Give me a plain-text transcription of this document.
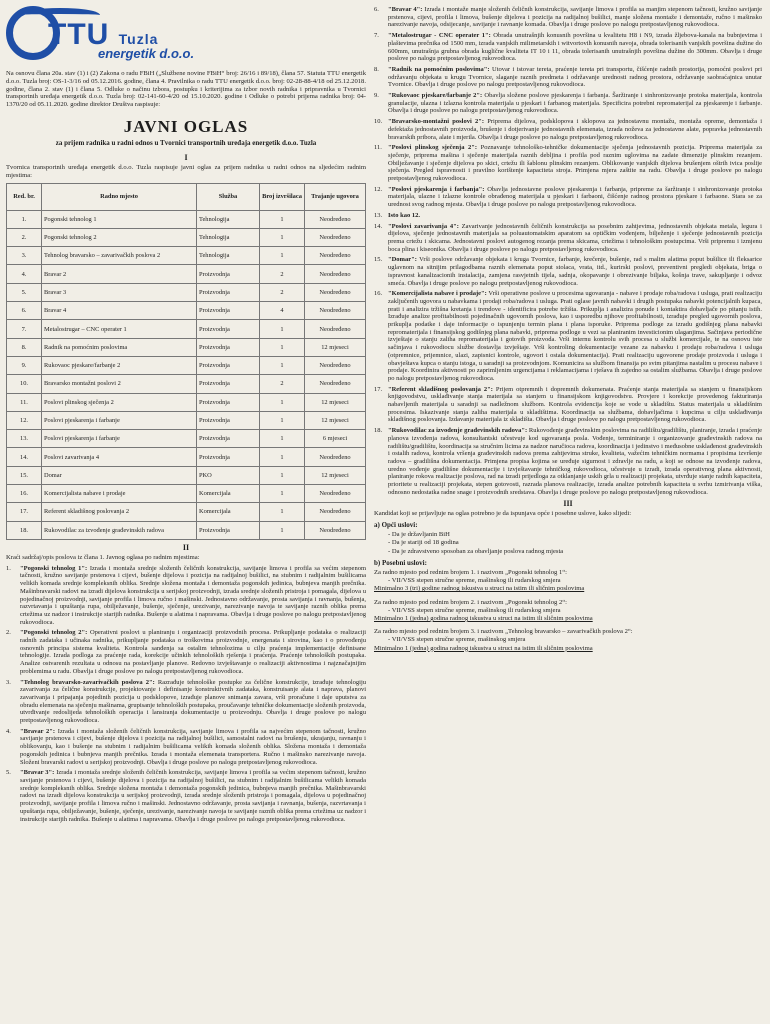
TTU Tuzla
energetik d.o.o.

Na osnovu člana 20a. stav (1) i (2) Zakona o radu FBiH („Službene novine FBiH“ broj: 26/16 i 89/18), člana 57. Statuta TTU energetik d.o.o. Tuzla broj: OS-1-3/16 od 05.12.2016. godine, člana 4. Pravilnika o radu TTU energetik d.o.o. broj: 02-28-88-4/18 od 25.12.2018. godine, člana 2. stav (1) i člana 5. Odluke o načinu izbora, postupku i kriterijima za izbor novih radnika i pripravnika u Tvornici transportnih uređaja energetik d.o.o. Tuzla broj: 02-141-60-4/20 od 15.10.2020. godine i Odluke o potrebi prijema radnika broj: 04-1370/20 od 05.11.2020. godine direktor Društva raspisuje:

JAVNI OGLAS
za prijem radnika u radni odnos u Tvornici transportnih uređaja energetik d.o.o. Tuzla
I

Tvornica transportnih uređaja energetik d.o.o. Tuzla raspisuje javni oglas za prijem radnika u radni odnos na sljedećim radnim mjestima:

Red. br.	Radno mjesto	Služba	Broj izvršilaca	Trajanje ugovora
1.	Pogonski tehnolog 1	Tehnologija	1	Neodređeno
2.	Pogonski tehnolog 2	Tehnologija	1	Neodređeno
3.	Tehnolog bravarsko – zavarivačkih poslova 2	Tehnologija	1	Neodređeno
4.	Bravar 2	Proizvodnja	2	Neodređeno
5.	Bravar 3	Proizvodnja	2	Neodređeno
6.	Bravar 4	Proizvodnja	4	Neodređeno
7.	Metalostrugar – CNC operater 1	Proizvodnja	1	Neodređeno
8.	Radnik na pomoćnim poslovima	Proizvodnja	1	12 mjeseci
9.	Rukovaoc pjeskare/farbanje 2	Proizvodnja	1	Neodređeno
10.	Bravarsko montažni poslovi 2	Proizvodnja	2	Neodređeno
11.	Poslovi plinskog sječenja 2	Proizvodnja	1	12 mjeseci
12.	Poslovi pjeskarenja i farbanje	Proizvodnja	1	12 mjeseci
13.	Poslovi pjeskarenja i farbanje	Proizvodnja	1	6 mjeseci
14.	Poslovi zavarivanja 4	Proizvodnja	1	Neodređeno
15.	Domar	PKO	1	12 mjeseci
16.	Komercijalista nabave i prodaje	Komercijala	1	Neodređeno
17.	Referent skladišnog poslovanja 2	Komercijala	1	Neodređeno
18.	Rukovodilac za izvođenje građevinskih radova	Proizvodnja	1	Neodređeno
II

Kraći sadržaj/opis poslova iz člana 1. Javnog oglasa po radnim mjestima:

1.	"Pogonski tehnolog 1": Izrada i montaža srednje složenih čeličnih konstrukcija, savijanje limova i profila sa većim stepenom tačnosti, kružno savijanje prstenova i cijevi, bušenje dijelova i pozicija na radijalnoj bušilici, na stubnim i radijalnim bušilicama velikih komada srednje kompleksnih oblika. Srednje složena montaža i demontaža pogonskih jedinica, bubnjeva manjih prečnika. Mašinbravarski radovi na izradi dijelova konstrukcija u serijskoj proizvodnji, izrada srednje složenih pristroja i pomagala, dijelova u pojedinačnoj proizvodnji, savijanje profila i limova ručno i mašinski. Jednostavno održavanje, prosta savijanja i ravnanja, bušenja, razvrtavanja i upuštanja rupa, obilježavanje, bušenje, sječenje, urezivanje, narezivanje navoja te savijanje raznih oblika prema crtežima uz nadzor i instrukcije starijih radnika. Bušenje u alatima i napravama. Obavlja i druge poslove po nalogu pretpostavljenog rukovodioca.
2.	"Pogonski tehnolog 2": Operativni poslovi u planiranju i organizaciji proizvodnih procesa. Prikupljanje podataka o realizaciji radnih zadataka i učinaka radnika, prikupljanje podataka o troškovima proizvodnje, energenata i sirovina, kao i o provođenju osnovnih principa sistema kvaliteta. Kontrola sanđenja sa ostalim tehnolozima u cilju praćenja implementacije definisane tehnologije. Izrada podloga za praćenje rada, korekcije učinkih tehnoloških rješenja i praćenja. Praćenje tehnoloških postupaka. Analize ostvarenih rezultata u odnosu na postavljanje planove. Redovno izvještavanje o realizaciji aktivnostima i najznačajnijim problemima u radu. Obavlja i druge poslove po nalogu pretpostavljenog rukovodioca.
3.	"Tehnolog bravarsko-zavarivačkih poslova 2": Razrađuje tehnološke postupke za čelične konstrukcije, izrađuje tehnologiju zavarivanja za čelične konstrukcije, projektovanje i definisanje konstruktivnih zadataka, konstruisanje alata i naprava, planovi zavarivanja i pripajanja pojedinih pozicija u podsklopove, izrađuje planove snimanja zavara, vrši proračune i daje uputstva za obradu elemenata na sječenju mašinama, grupisanje tehnoloških postupaka, proučavanje tehničke dokumentacije složenih proizvoda, utvrđivanje redoslijeda tehnoloških operacija i lansiranja dokumentacije u proizvodnju. Obavlja i druge poslove po nalogu pretpostavljenog rukovodioca.
4.	"Bravar 2": Izrada i montaža složenih čeličnih konstrukcija, savijanje limova i profila sa najvećim stepenom tačnosti, kružno savijanje prstenova i cijevi, bušenje dijelova i pozicija na radijalnoj bušilici, samostalni radovi na brušenju, ukrajanju, ravnanju i oblikovanju, kao i bušenje na stubnim i radijalnim bušilicama velikih komada složenih oblika. Složena montaža i demontaža pogonskih jedinica i bubnjeva manjih prečnika. Izrada i montaža elemenata transportera. Ručno i mašinsko narezivanje navoja. Složeni bravarski radovi u serijskoj proizvodnji. Obavlja i druge poslove po nalogu pretpostavljenog rukovodioca.
5.	"Bravar 3": Izrada i montaža srednje složenih čeličnih konstrukcija, savijanje limova i profila sa većim stepenom tačnosti, kružno savijanje prstenova i cijevi, bušenje dijelova i pozicija na radijalnoj bušilici, na stubnim i radijalnim bušilicama velikih komada srednje kompleksnih oblika. Srednje složena montaža i demontaža pogonskih jedinica, bubnjeva manjih prečnika. Mašinbravarski radovi na izradi dijelova konstrukcija u serijskoj proizvodnji, izrada srednje složenih pristroja i pomagala, dijelova u pojedinačnoj proizvodnji, savijanje profila i limova ručno i mašinski. Jednostavno održavanje, prosta savijanja i ravnanja, bušenja, razvrtavanja i upuštanja rupa, obilježavanje, bušenje, sječenje, urezivanje, narezivanje navoja te savijanje raznih oblika prema crtežima uz nadzor i instrukcije starijih radnika. Bušenje u alatima i napravama. Obavlja i druge poslove po nalogu pretpostavljenog rukovodioca.
6.	"Bravar 4": Izrada i montaže manje složenih čeličnih konstrukcija, savijanje limova i profila sa manjim stepenom tačnosti, kružno savijanje prstenova, cijevi, profila i limova, bušenje dijelova i pozicija na radijalnoj bušilici, manje složena montaže i demontaže, ručno i mašinsko narezivanje navoja, odsijecanje, savijanje i ravnanje komada. Obavlja i druge poslove po nalogu pretpostavljenog rukovodioca.
7.	"Metalostrugar - CNC operater 1": Obrada unutrašnjih konusnih površina u kvalitetu H8 i N9, izrada žljebova-kanala na bubnjevima i plaštevima prečnika od 1500 mm, izrada vanjskih milimetarskih i witvortovih konusnih navoja, obrada tolerisanih vanjskih površina dužine do 600mm, unutrašnja grubna obrada kuglične kvaliteta IT 10 i 11, obrada tolerisanih unutrašnjih površina dužine do 300mm. Obavlja i druge poslove po nalogu pretpostavljenog rukovodioca.
8.	"Radnik na pomoćnim poslovima": Utovar i istovar tereta, praćenje tereta pri transportu, čišćenje radnih prostorija, pomoćni poslovi pri održavanju objekata u krugu Tvornice, slaganje raznih predmeta i održavanje urednosti radnog prostora, održavanje saobraćajnica unutar Tvornice. Obavlja i druge poslove po nalogu pretpostavljenog rukovodioca.
9.	"Rukovaoc pjeskare/farbanje 2": Obavlja složene poslove pjeskarenja i farbanja. Šaržiranje i sinhronizovanje protoka materijala, kontrola granulacije, ulazna i izlazna kontrola materijala u pjeskari i farbanog materijala. Specificira potrebni repromaterijal za pjeskarenje i farbanje. Obavlja i druge poslove po nalogu pretpostavljenog rukovodioca.
10. "Bravarsko-montažni poslovi 2": Pripremа dijelova, podsklopova i sklopova za jednostavnu montažu, montaža opreme, demontaža i defektaža jednostavnih proizvoda, brušenje i dotjerivanje jednostavnih elemenata, izrada noževa za jednostavne alate, popravka jednostavnih bravarskih pribora, alate i mjerila. Obavlja i druge poslove po nalogu pretpostavljenog rukovodioca.
11. "Poslovi plinskog sječenja 2": Poznavanje tehnološko-tehničke dokumentacije sječenja jednostavnih pozicija. Pripremа materijala za sječenje, priprema mašina i sječenje materijala raznih debljina i profila pod raznim uglovima na zadate dimenzije plinskim rezanjem. Obilježavanje i sječenje dijelova po skici, crtežu ili šablonu plinskim rezanjem. Oblikovanje vanjskih dijelova brušenjem oštrih ivica poslije sječenja. Pregled ispravnosti i pravilno korištenje kapaciteta stroja. Primjena mjera zaštite na radu. Obavlja i druge poslove po nalogu pretpostavljenog rukovodioca.
12. "Poslovi pjeskarenja i farbanja": Obavlja jednostavne poslove pjeskarenja i farbanja, pripreme za šaržiranje i sinhronizovanje protoka materijala, ulazne i izlazne kontrole obrađenog materijala u pjeskari i farbaoni, čišćenje radnog prostora pjeskare i farbaone. Stara se za urednost svog radnog mjesta. Obavlja i druge poslove po nalogu pretpostavljenog rukovodioca.
13. Isto kao 12.
14. "Poslovi zavarivanja 4": Zavarivanje jednostavnih čeličnih konstrukcija sa posebnim zahtjevima, jednostavnih objekata metala, legura i dijelova, sječenje jednostavnih materijala sa poluautomatskim aparatom sa optičkim vođenjem, bilježenje i sječenje jednostavnih pozicija prema crtežu i skicama. Jednostavni poslovi autogenog rezanja prema skicama, crtežima i tehnološkim postupcima. Vrši pripremu i izmjenu boca plina i kiseonika. Obavlja i druge poslove po nalogu pretpostavljenog rukovodioca.
15. "Domar": Vrši poslove održavanje objekata i kruga Tvornice, farbanje, krečenje, bušenje, rad s malim alatima poput bušilice ili fleksarice uglavnom na sitnijim prilagodbama raznih elemenata poput stolaca, vrata, itd., kurirski poslovi, preventivni pregledi objekata, briga o ispravnost kanalizacionih instalacija, zamjena rasvjetnih tijela, sadnja, okopavanje i obrezivanje biljaka, košnja trave, sakupljanje i odvoz smeća. Obavlja i druge poslove po nalogu pretpostavljenog rukovodioca.
16. "Komercijalista nabave i prodaje": Vrši operativne poslove u procesima ugovaranja - nabave i prodaje roba/radova i usluga, prati realizaciju zaključenih ugovora u nabavkama i prodaji roba/radova i usluga. Prati oglase javnih nabavki i drugih postupaka nabavki potencijalnih kupaca, prati i analizira tržišna kretanja i trendove - identificira potrebe tržišta. Prikuplja i analizira ponude i kontaktira dobavljače po pitanju istih. Izrađuje analize profitabilnosti pojedinačnih ugovornih poslova, kao i usporedbu njihove profitabilnosti, izrađuje pregled ugovornih poslova, prikuplja podatke i daje informacije o ispunjenju termin plana i plana isporuke. Priprema podloge za izradu godišnjeg plana nabavki repromaterijala i finansijskog godišnjeg plana nabavki, priprema podloge u vezi sa planiranim investicionim ulaganjima. Sačinjava periodične izvještaje o stanju zaliha repromaterijala i gotovih proizvoda. Vrši internu kontrolu svih procesa u službi komercijale, te na osnovu iste sačinjava i rukovodiocu službe dostavlja izvještaje. Vrši kontroling dokumentacije vezane za nabavku i prodaju roba/radova i usluga (otpremnice, prijemnice, ulazi, zapisnici kontrole, ugovori i ostala dokumentacija). Prati realizaciju ugovorene prodaje proizvoda i usluga i obavještava kupca o stanju istoga, u saradnji sa proizvodnjom. Komunicira sa službom finansija po svim pitanjima nastalim u procesu nabave i prodaje. Koordinira aktivnosti po zaprimljenim urgencijama i reklamacijama i rješava ih zajedno sa ostalim službama. Obavlja i druge poslove po nalogu pretpostavljenog rukovodioca.
17. "Referent skladišnog poslovanja 2": Prijem otpremnih i dopremnih dokumenata. Praćenje stanja materijala sa stanjem u finansijskom knjigovodstvu, usklađivanje stanja materijala sa stanjem u finansijskom knjigovodstvu. Provjere i korekcije provedenog fakturiranja nabavljenih materijala u saradnji sa nadležnom službom. Kontrola evidencija koje se vode u skladištu. Status materijala u skladišnim procesima. Iskazivanje stanja zaliha materijala u skladištima. Koordinacija sa službama, dobavljačima i kupcima u cilju usklađivanja skladišnog poslovanja. Izdavanje materijala iz skladišta. Obavlja i druge poslove po nalogu pretpostavljenog rukovodioca.
18. "Rukovodilac za izvođenje građevinskih radova": Rukovođenje građevinskim poslovima na radilištu/gradilištu, planiranje, izrada i praćenje planova izvođenja radova, konsultantski učestvuje kod ugovaranja posla. Vođenje, terminiranje i organizovanje građevinskih radova na radilištu/gradilištu, koordinacija sa stručnim licima za nadzor naručioca radova, koordinacija i jedinstvo i međusobne usklađenost građevinskih i ostalih radova, kontrola vršenja građevinskih radova prema zahtjevima struke, kvaliteta, važećim tehničkim normama i propisima izvršenje radova – gradilišna dokumentacija. Primjena propisa kojima se uređuje sigurnost i zdravlje na radu, a koji se odnose na izvođenje radova, uredno vođenje gradilišne dokumentacije i izvještavanje tehničkog rukovodioca, učestvuje u izradi, izrada operativnog plana aktivnosti, planiranje rokova realizacije poslova, rad na izradi prijedloga za otklanjanje uskih grla u realizaciji projekata, utvrđuje stanje radnih kapaciteta, prioritete u realizaciji projekata, stepen gotovosti, razrada planova realizacije, izrada analize potrebnih kapaciteta u svrhu izmirivanja viška, odnosno nedostatka radne snage i proizvodnih sredstava. Obavlja i druge poslove po nalogu pretpostavljenog rukovodioca.
III

Kandidat koji se prijavljuje na oglas potrebno je da ispunjava opće i posebne uslove, kako slijedi:

a) Opći uslovi:

- Da je državljanin BiH

- Da je stariji od 18 godina

- Da je zdravstveno sposoban za obavljanje poslova radnog mjesta

b) Posebni uslovi:

Za radno mjesto pod rednim brojem 1. i nazivom „Pogonski tehnolog 1“:

- VII/VSS stepen stručne spreme, mašinskog ili rudarskog smjera

Minimalno 3 (tri) godine radnog iskustva u struci na istim ili sličnim poslovima

Za radno mjesto pod rednim brojem 2. i nazivom „Pogonski tehnolog 2“:

- VII/VSS stepen stručne spreme, mašinskog ili rudarskog smjera

Minimalno 1 (jedna) godina radnog iskustva u struci na istim ili sličnim poslovima

Za radno mjesto pod rednim brojem 3. i nazivom „Tehnolog bravarsko – zavarivačkih poslova 2“:

- VII/VSS stepen stručne spreme, mašinskog smjera

Minimalno 1 (jedna) godina radnog iskustva u struci na istim ili sličnim poslovima
